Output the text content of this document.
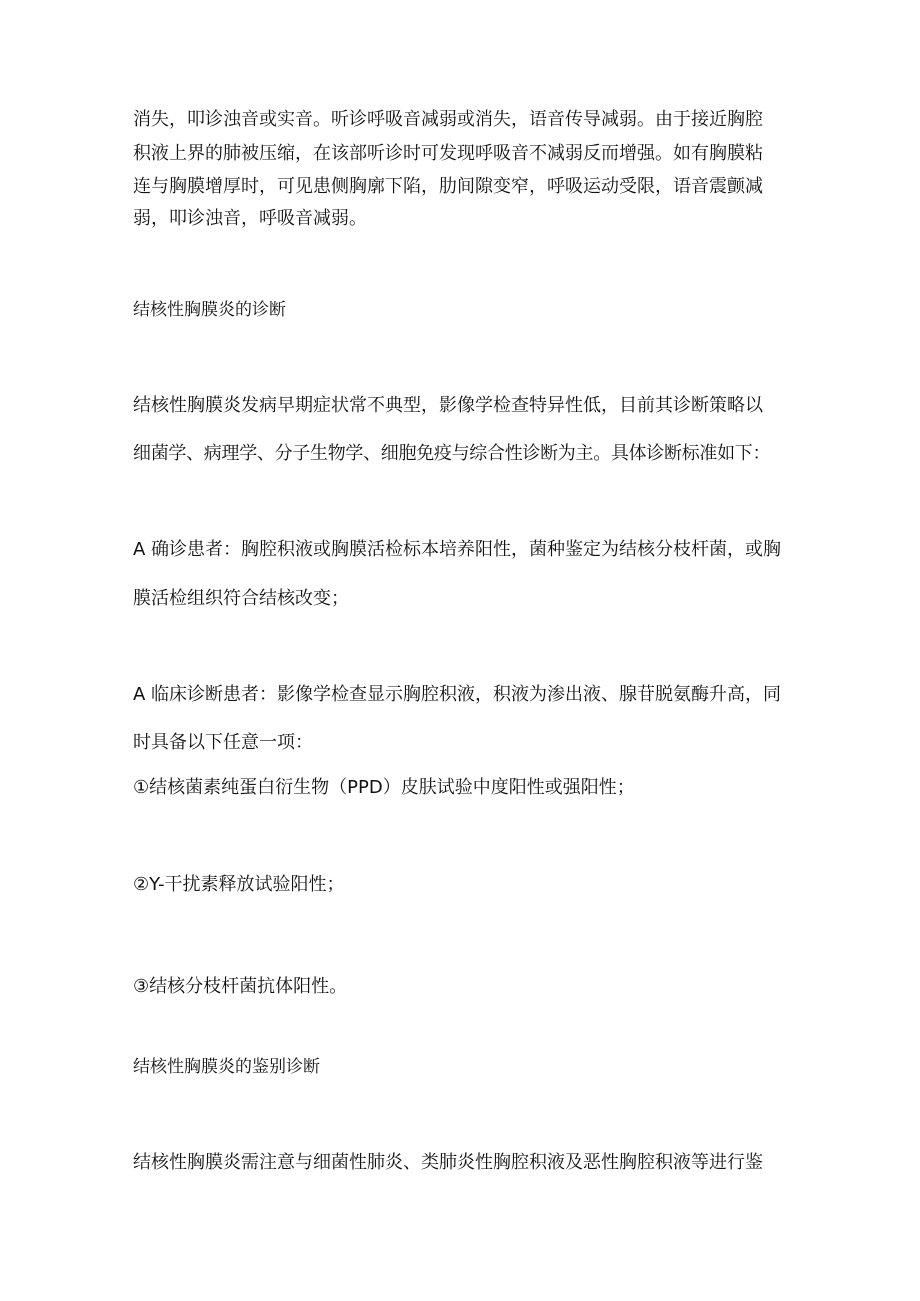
消失，叩诊浊音或实音。听诊呼吸音减弱或消失，语音传导减弱。由于接近胸腔
积液上界的肺被压缩，在该部听诊时可发现呼吸音不减弱反而增强。如有胸膜粘
连与胸膜增厚时，可见患侧胸廓下陷，肋间隙变窄，呼吸运动受限，语音震颤减
弱，叩诊浊音，呼吸音减弱。
结核性胸膜炎的诊断
结核性胸膜炎发病早期症状常不典型，影像学检查特异性低，目前其诊断策略以
细菌学、病理学、分子生物学、细胞免疫与综合性诊断为主。具体诊断标准如下：
A 确诊患者：胸腔积液或胸膜活检标本培养阳性，菌种鉴定为结核分枝杆菌，或胸
膜活检组织符合结核改变；
A 临床诊断患者：影像学检查显示胸腔积液，积液为渗出液、腺苷脱氨酶升高，同
时具备以下任意一项：
①结核菌素纯蛋白衍生物（PPD）皮肤试验中度阳性或强阳性；
②Y-干扰素释放试验阳性；
③结核分枝杆菌抗体阳性。
结核性胸膜炎的鉴别诊断
结核性胸膜炎需注意与细菌性肺炎、类肺炎性胸腔积液及恶性胸腔积液等进行鉴
